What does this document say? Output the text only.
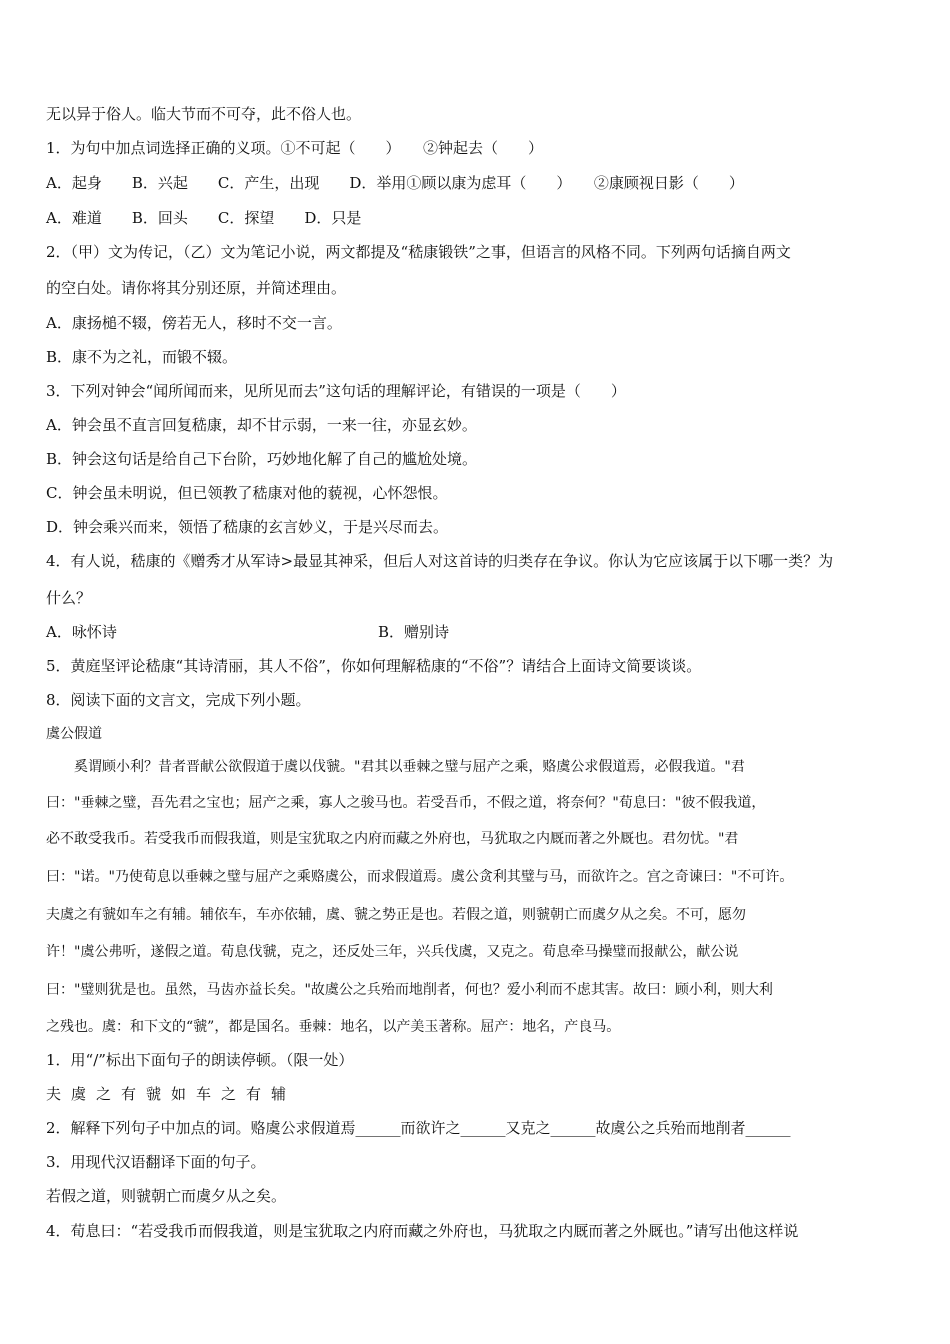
无以异于俗人。临大节而不可夺，此不俗人也。
1．为句中加点词选择正确的义项。①不可起（　　）　　②钟起去（　　）
A．起身　　B．兴起　　C．产生，出现　　D．举用①顾以康为虑耳（　　）　　②康顾视日影（　　）
A．难道　　B．回头　　C．探望　　D．只是
2．（甲）文为传记，（乙）文为笔记小说，两文都提及“嵇康锻铁”之事，但语言的风格不同。下列两句话摘自两文
的空白处。请你将其分别还原，并简述理由。
A．康扬槌不辍，傍若无人，移时不交一言。
B．康不为之礼，而锻不辍。
3．下列对钟会“闻所闻而来，见所见而去”这句话的理解评论，有错误的一项是（　　）
A．钟会虽不直言回复嵇康，却不甘示弱，一来一往，亦显玄妙。
B．钟会这句话是给自己下台阶，巧妙地化解了自己的尴尬处境。
C．钟会虽未明说，但已领教了嵇康对他的藐视，心怀怨恨。
D．钟会乘兴而来，领悟了嵇康的玄言妙义，于是兴尽而去。
4．有人说，嵇康的《赠秀才从军诗>最显其神采，但后人对这首诗的归类存在争议。你认为它应该属于以下哪一类？为
什么？
A．咏怀诗	B．赠别诗
5．黄庭坚评论嵇康“其诗清丽，其人不俗”，你如何理解嵇康的“不俗”？请结合上面诗文简要谈谈。
8．阅读下面的文言文，完成下列小题。
虞公假道
　　奚谓顾小利？昔者晋献公欲假道于虞以伐虢。"君其以垂棘之璧与屈产之乘，赂虞公求假道焉，必假我道。"君
曰："垂棘之璧，吾先君之宝也；屈产之乘，寡人之骏马也。若受吾币，不假之道，将奈何？"荀息曰："彼不假我道，
必不敢受我币。若受我币而假我道，则是宝犹取之内府而藏之外府也，马犹取之内厩而著之外厩也。君勿忧。"君
曰："诺。"乃使荀息以垂棘之璧与屈产之乘赂虞公，而求假道焉。虞公贪利其璧与马，而欲许之。宫之奇谏曰："不可许。
夫虞之有虢如车之有辅。辅依车，车亦依辅，虞、虢之势正是也。若假之道，则虢朝亡而虞夕从之矣。不可，愿勿
许！"虞公弗听，遂假之道。荀息伐虢，克之，还反处三年，兴兵伐虞，又克之。荀息牵马操璧而报献公，献公说
曰："璧则犹是也。虽然，马齿亦益长矣。"故虞公之兵殆而地削者，何也？爱小利而不虑其害。故曰：顾小利，则大利
之残也。虞：和下文的“虢”，都是国名。垂棘：地名，以产美玉著称。屈产：地名，产良马。
1．用“/”标出下面句子的朗读停顿。（限一处）
夫虞之有虢如车之有辅
2．解释下列句子中加点的词。赂虞公求假道焉______而欲许之______又克之______故虞公之兵殆而地削者______
3．用现代汉语翻译下面的句子。
若假之道，则虢朝亡而虞夕从之矣。
4．荀息曰：“若受我币而假我道，则是宝犹取之内府而藏之外府也，马犹取之内厩而著之外厩也。”请写出他这样说
